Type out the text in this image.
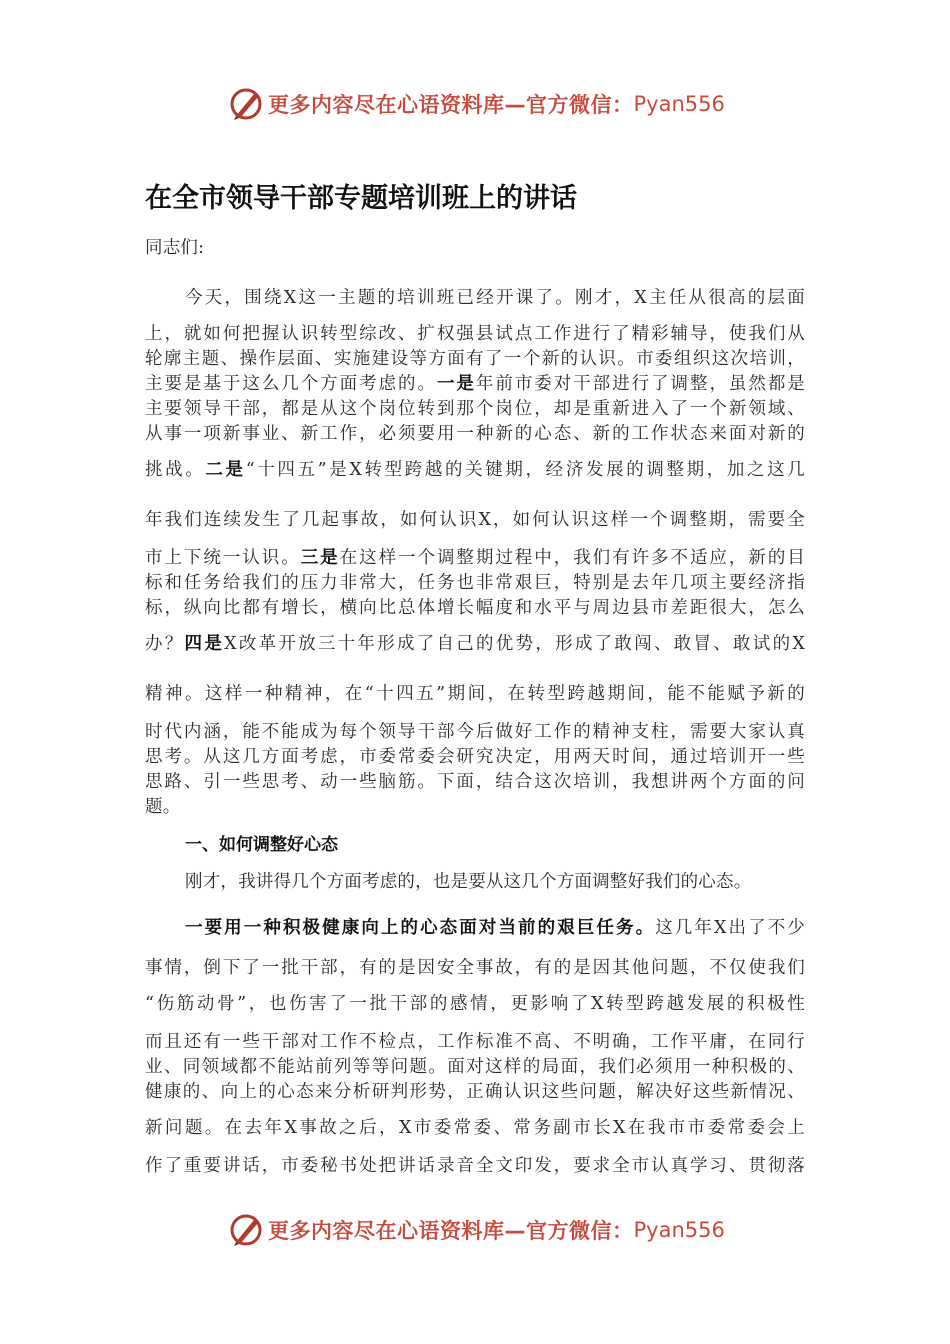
更多内容尽在心语资料库—官方微信： Pyan556
在全市领导干部专题培训班上的讲话
同志们:
今天，围绕X这一主题的培训班已经开课了。刚才，X主任从很高的层面
上，就如何把握认识转型综改、扩权强县试点工作进行了精彩辅导，使我们从
轮廓主题、操作层面、实施建设等方面有了一个新的认识。市委组织这次培训，
主要是基于这么几个方面考虑的。一是年前市委对干部进行了调整，虽然都是
主要领导干部，都是从这个岗位转到那个岗位，却是重新进入了一个新领域、
从事一项新事业、新工作，必须要用一种新的心态、新的工作状态来面对新的
挑战。二是“十四五”是X转型跨越的关键期，经济发展的调整期，加之这几
年我们连续发生了几起事故，如何认识X，如何认识这样一个调整期，需要全
市上下统一认识。三是在这样一个调整期过程中，我们有许多不适应，新的目
标和任务给我们的压力非常大，任务也非常艰巨，特别是去年几项主要经济指
标，纵向比都有增长，横向比总体增长幅度和水平与周边县市差距很大，怎么
办？四是X改革开放三十年形成了自己的优势，形成了敢闯、敢冒、敢试的X
精神。这样一种精神，在“十四五”期间，在转型跨越期间，能不能赋予新的
时代内涵，能不能成为每个领导干部今后做好工作的精神支柱，需要大家认真
思考。从这几方面考虑，市委常委会研究决定，用两天时间，通过培训开一些
思路、引一些思考、动一些脑筋。下面，结合这次培训，我想讲两个方面的问
题。
一、如何调整好心态
刚才，我讲得几个方面考虑的，也是要从这几个方面调整好我们的心态。
一要用一种积极健康向上的心态面对当前的艰巨任务。这几年X出了不少
事情，倒下了一批干部，有的是因安全事故，有的是因其他问题，不仅使我们
“伤筋动骨”，也伤害了一批干部的感情，更影响了X转型跨越发展的积极性
而且还有一些干部对工作不检点，工作标准不高、不明确，工作平庸，在同行
业、同领域都不能站前列等等问题。面对这样的局面，我们必须用一种积极的、
健康的、向上的心态来分析研判形势，正确认识这些问题，解决好这些新情况、
新问题。在去年X事故之后，X市委常委、常务副市长X在我市市委常委会上
作了重要讲话，市委秘书处把讲话录音全文印发，要求全市认真学习、贯彻落
更多内容尽在心语资料库—官方微信： Pyan556
